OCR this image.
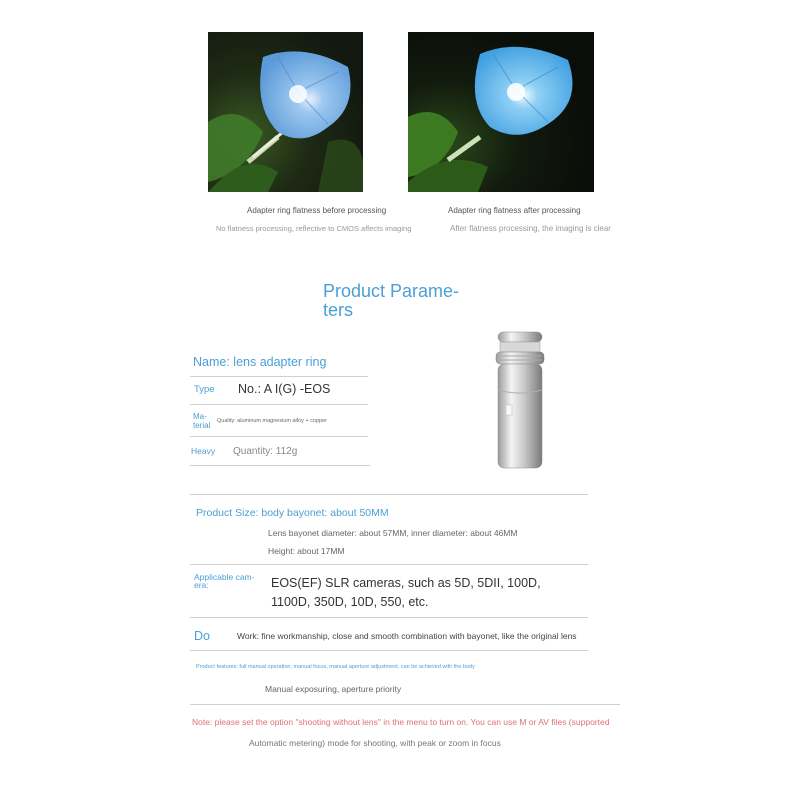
Adapter ring flatness before processing
No flatness processing, reflective to CMOS affects imaging
Adapter ring flatness after processing
After flatness processing, the imaging is clear
Product Parame-
ters
Name: lens adapter ring
Type No.: A I(G) -EOS
Ma-
terial Quality: aluminum magnesium alloy + copper
Heavy Quantity: 112g
Product Size: body bayonet: about 50MM
Lens bayonet diameter: about 57MM, inner diameter: about 46MM
Height: about 17MM
Applicable cam-
era:	EOS(EF) SLR cameras, such as 5D, 5DII, 100D,
1100D, 350D, 10D, 550, etc.
Do	Work: fine workmanship, close and smooth combination with bayonet, like the original lens
Product features: full manual operation, manual focus, manual aperture adjustment, can be achieved with the body
Manual exposuring, aperture priority
Note: please set the option "shooting without lens" in the menu to turn on. You can use M or AV files (supported
Automatic metering) mode for shooting, with peak or zoom in focus
